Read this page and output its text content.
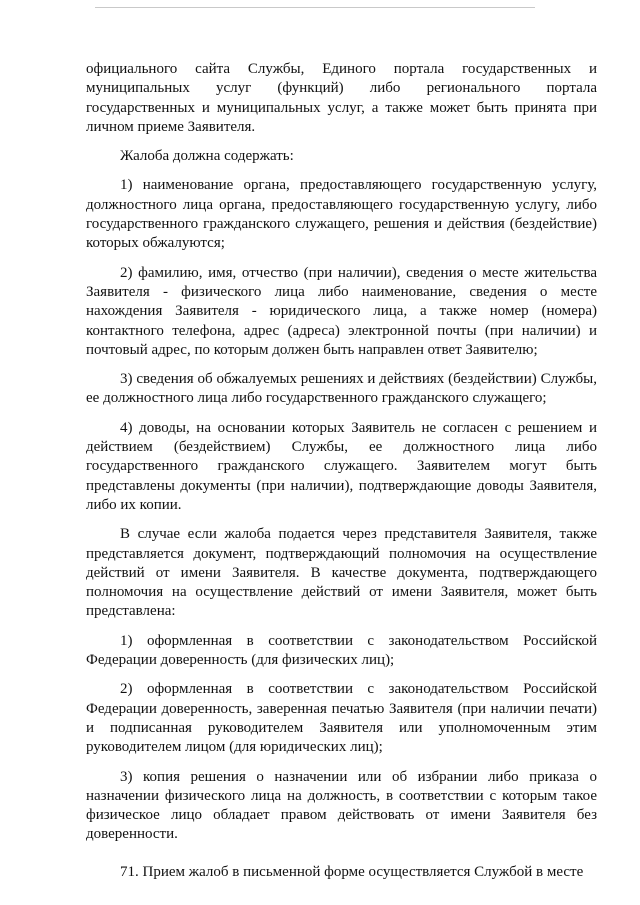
официального сайта Службы, Единого портала государственных и муниципальных услуг (функций) либо регионального портала государственных и муниципальных услуг, а также может быть принята при личном приеме Заявителя.

Жалоба должна содержать:

1) наименование органа, предоставляющего государственную услугу, должностного лица органа, предоставляющего государственную услугу, либо государственного гражданского служащего, решения и действия (бездействие) которых обжалуются;

2) фамилию, имя, отчество (при наличии), сведения о месте жительства Заявителя - физического лица либо наименование, сведения о месте нахождения Заявителя - юридического лица, а также номер (номера) контактного телефона, адрес (адреса) электронной почты (при наличии) и почтовый адрес, по которым должен быть направлен ответ Заявителю;

3) сведения об обжалуемых решениях и действиях (бездействии) Службы, ее должностного лица либо государственного гражданского служащего;

4) доводы, на основании которых Заявитель не согласен с решением и действием (бездействием) Службы, ее должностного лица либо государственного гражданского служащего. Заявителем могут быть представлены документы (при наличии), подтверждающие доводы Заявителя, либо их копии.

В случае если жалоба подается через представителя Заявителя, также представляется документ, подтверждающий полномочия на осуществление действий от имени Заявителя. В качестве документа, подтверждающего полномочия на осуществление действий от имени Заявителя, может быть представлена:

1) оформленная в соответствии с законодательством Российской Федерации доверенность (для физических лиц);

2) оформленная в соответствии с законодательством Российской Федерации доверенность, заверенная печатью Заявителя (при наличии печати) и подписанная руководителем Заявителя или уполномоченным этим руководителем лицом (для юридических лиц);

3) копия решения о назначении или об избрании либо приказа о назначении физического лица на должность, в соответствии с которым такое физическое лицо обладает правом действовать от имени Заявителя без доверенности.

71. Прием жалоб в письменной форме осуществляется Службой в месте
